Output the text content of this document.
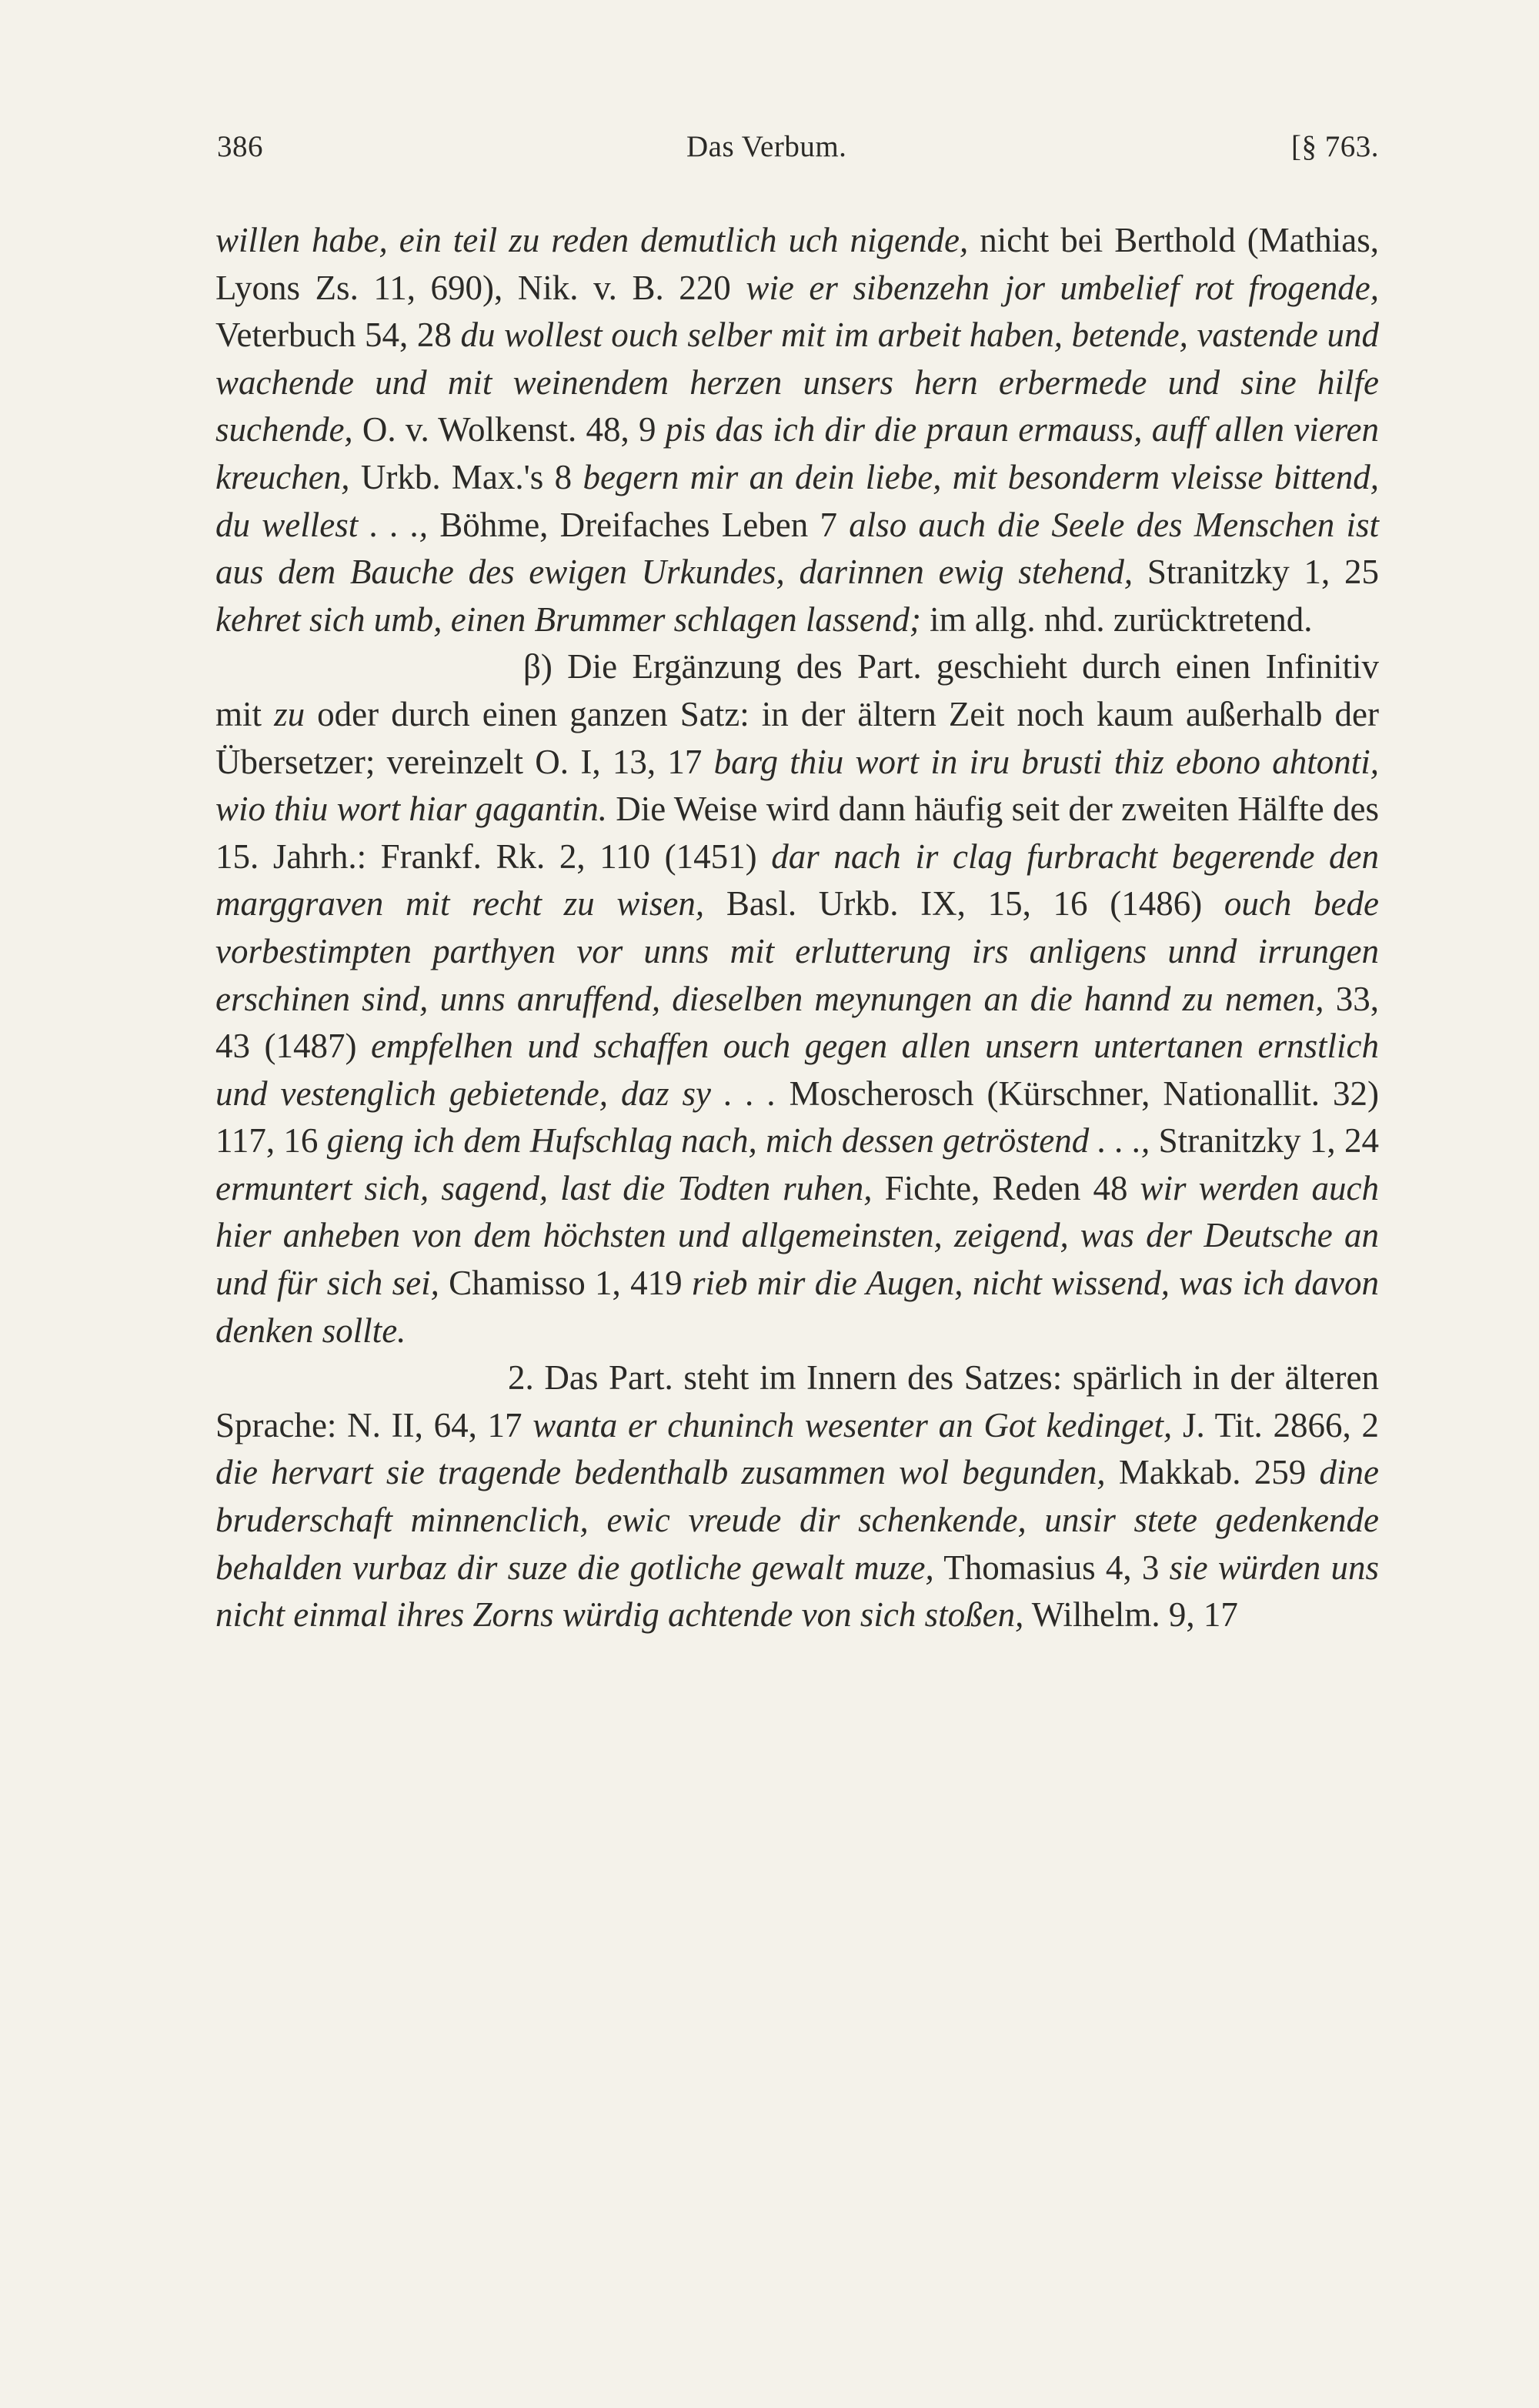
386	Das Verbum.	[§ 763.

willen habe, ein teil zu reden demutlich uch nigende, nicht bei Berthold (Mathias, Lyons Zs. 11, 690), Nik. v. B. 220 wie er sibenzehn jor umbelief rot frogende, Veterbuch 54, 28 du wollest ouch selber mit im arbeit haben, betende, vastende und wachende und mit weinendem herzen unsers hern erbermede und sine hilfe suchende, O. v. Wolkenst. 48, 9 pis das ich dir die praun ermauss, auff allen vieren kreuchen, Urkb. Max.'s 8 begern mir an dein liebe, mit besonderm vleisse bittend, du wellest . . ., Böhme, Dreifaches Leben 7 also auch die Seele des Menschen ist aus dem Bauche des ewigen Urkundes, darinnen ewig stehend, Stranitzky 1, 25 kehret sich umb, einen Brummer schlagen lassend; im allg. nhd. zurücktretend.

β) Die Ergänzung des Part. geschieht durch einen Infinitiv mit zu oder durch einen ganzen Satz: in der ältern Zeit noch kaum außerhalb der Übersetzer; vereinzelt O. I, 13, 17 barg thiu wort in iru brusti thiz ebono ahtonti, wio thiu wort hiar gagantin. Die Weise wird dann häufig seit der zweiten Hälfte des 15. Jahrh.: Frankf. Rk. 2, 110 (1451) dar nach ir clag furbracht begerende den marggraven mit recht zu wisen, Basl. Urkb. IX, 15, 16 (1486) ouch bede vorbestimpten parthyen vor unns mit erlutterung irs anligens unnd irrungen erschinen sind, unns anruffend, dieselben meynungen an die hannd zu nemen, 33, 43 (1487) empfelhen und schaffen ouch gegen allen unsern untertanen ernstlich und vestenglich gebietende, daz sy . . . Moscherosch (Kürschner, Nationallit. 32) 117, 16 gieng ich dem Hufschlag nach, mich dessen getröstend . . ., Stranitzky 1, 24 ermuntert sich, sagend, last die Todten ruhen, Fichte, Reden 48 wir werden auch hier anheben von dem höchsten und allgemeinsten, zeigend, was der Deutsche an und für sich sei, Chamisso 1, 419 rieb mir die Augen, nicht wissend, was ich davon denken sollte.

2. Das Part. steht im Innern des Satzes: spärlich in der älteren Sprache: N. II, 64, 17 wanta er chuninch wesenter an Got kedinget, J. Tit. 2866, 2 die hervart sie tragende bedenthalb zusammen wol begunden, Makkab. 259 dine bruderschaft minnenclich, ewic vreude dir schenkende, unsir stete gedenkende behalden vurbaz dir suze die gotliche gewalt muze, Thomasius 4, 3 sie würden uns nicht einmal ihres Zorns würdig achtende von sich stoßen, Wilhelm. 9, 17
